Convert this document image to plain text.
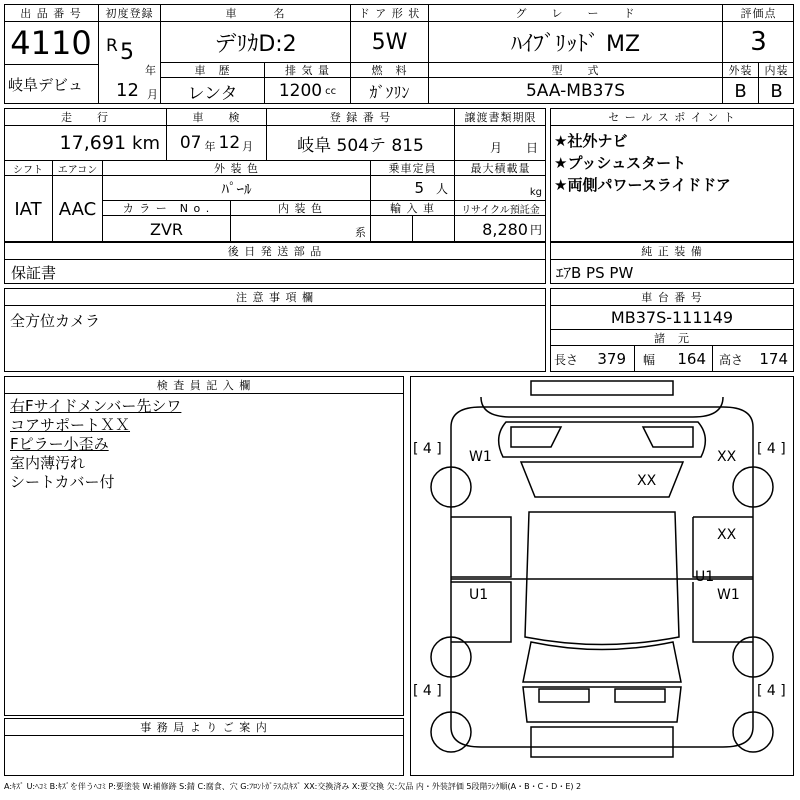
出 品 番 号
4110
岐阜デビュ
初度登録
R 5
年
12 月
車　　　名
デﾘｶD:2
ド ア 形 状
5W
グ　　レ　　ー　　ド
ﾊｲﾌﾞﾘｯﾄﾞ MZ
評価点
3
車　歴	排 気 量	燃　料	型　　式	外装	内装
レンタ	1200 cc	ｶﾞｿﾘﾝ	5AA-MB37S	B	B
走　　行	車　　検	登 録 番 号	譲渡書類期限
17,691 km 07 年 12 月	岐阜 504テ 815	月 日
シフト	エアコン	外 装 色	乗車定員	最大積載量
IAT AAC
ﾊﾟｰﾙ	5 人	kg
カ ラ ー　N o .	内 装 色	輸 入 車	リサイクル預託金
ZVR	系	8,280 円
後 日 発 送 部 品
保証書
セ ー ル ス ポ イ ン ト
★社外ナビ
★プッシュスタート
★両側パワースライドドア
純 正 装 備
ｴｱB PS PW
注 意 事 項 欄
全方位カメラ
車 台 番 号
MB37S-111149
諸　元
長さ 379 幅 164 高さ 174
検 査 員 記 入 欄
右Fサイドメンバー先シワ
コアサポートＸＸ
Fピラー小歪み
室内薄汚れ
シートカバー付
事 務 局 よ り ご 案 内
[ 4 ]	[ 4 ]
[ 4 ]	[ 4 ]
W1	XX
XX
XX
U1
U1	W1
A:ｷｽﾞ U:ﾍｺﾐ B:ｷｽﾞを伴うﾍｺﾐ P:要塗装 W:補修跡 S:錆 C:腐食、穴 G:ﾌﾛﾝﾄｶﾞﾗｽ点ｷｽﾞ XX:交換済み X:要交換 欠:欠品 内・外装評価 5段階ﾗﾝｸ順(A・B・C・D・E) 2
